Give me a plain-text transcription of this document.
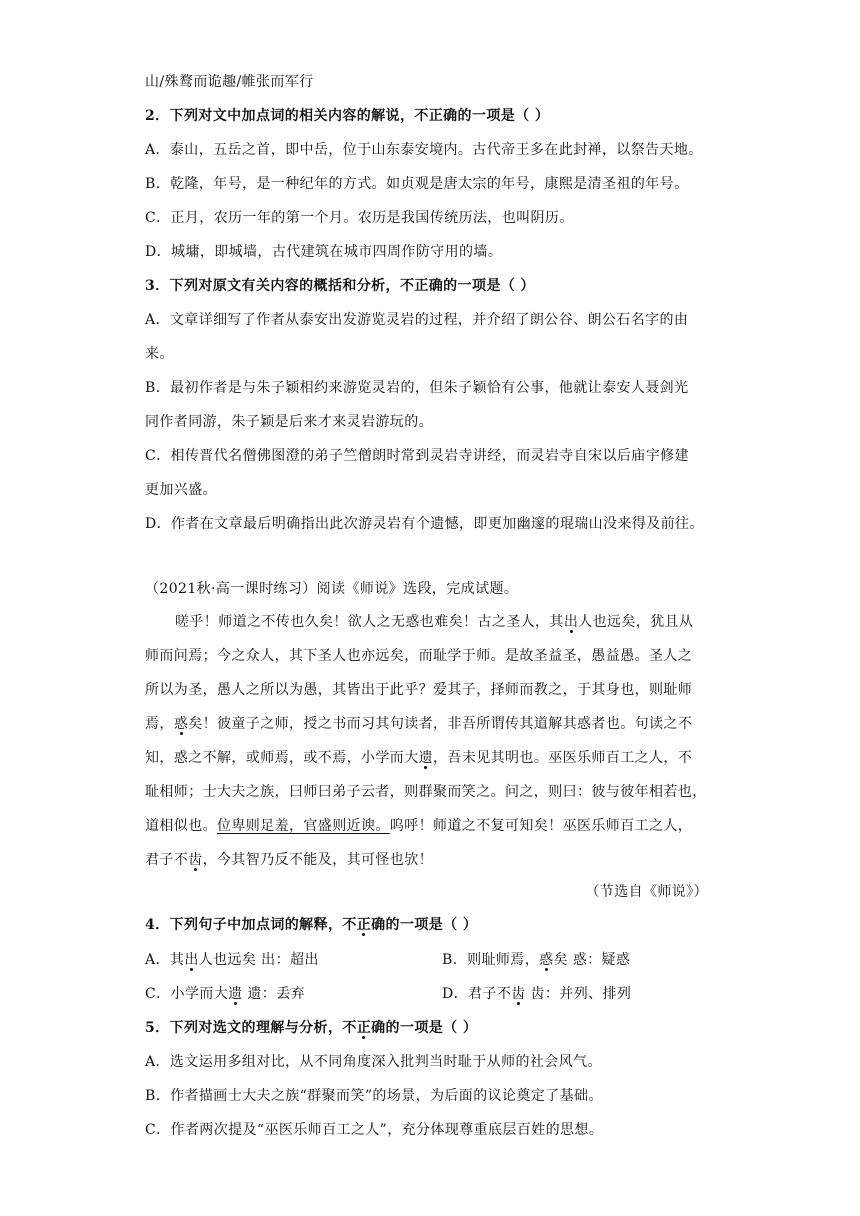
山/殊鹜而诡趣/帷张而军行
2．下列对文中加点词的相关内容的解说，不正确的一项是（ ）
A．泰山，五岳之首，即中岳，位于山东泰安境内。古代帝王多在此封禅，以祭告天地。
B．乾隆，年号，是一种纪年的方式。如贞观是唐太宗的年号，康熙是清圣祖的年号。
C．正月，农历一年的第一个月。农历是我国传统历法，也叫阴历。
D．城墉，即城墙，古代建筑在城市四周作防守用的墙。
3．下列对原文有关内容的概括和分析，不正确的一项是（ ）
A．文章详细写了作者从泰安出发游览灵岩的过程，并介绍了朗公谷、朗公石名字的由
来。
B．最初作者是与朱子颖相约来游览灵岩的，但朱子颖恰有公事，他就让泰安人聂剑光
同作者同游，朱子颖是后来才来灵岩游玩的。
C．相传晋代名僧佛图澄的弟子竺僧朗时常到灵岩寺讲经，而灵岩寺自宋以后庙宇修建
更加兴盛。
D．作者在文章最后明确指出此次游灵岩有个遗憾，即更加幽邃的琨瑞山没来得及前往。
（2021秋·高一课时练习）阅读《师说》选段，完成试题。
嗟乎！师道之不传也久矣！欲人之无惑也难矣！古之圣人，其出人也远矣，犹且从
师而问焉；今之众人，其下圣人也亦远矣，而耻学于师。是故圣益圣，愚益愚。圣人之
所以为圣，愚人之所以为愚，其皆出于此乎？爱其子，择师而教之，于其身也，则耻师
焉，惑矣！彼童子之师，授之书而习其句读者，非吾所谓传其道解其惑者也。句读之不
知，惑之不解，或师焉，或不焉，小学而大遗，吾未见其明也。巫医乐师百工之人，不
耻相师；士大夫之族，曰师曰弟子云者，则群聚而笑之。问之，则曰：彼与彼年相若也，
道相似也。位卑则足羞，官盛则近谀。呜呼！师道之不复可知矣！巫医乐师百工之人，
君子不齿，今其智乃反不能及，其可怪也欤！
（节选自《师说》）
4．下列句子中加点词的解释，不正确的一项是（ ）
A．其出人也远矣 出：超出	B．则耻师焉，惑矣 惑：疑惑
C．小学而大遗 遗：丢弃	D．君子不齿 齿：并列、排列
5．下列对选文的理解与分析，不正确的一项是（ ）
A．选文运用多组对比，从不同角度深入批判当时耻于从师的社会风气。
B．作者描画士大夫之族“群聚而笑”的场景，为后面的议论奠定了基础。
C．作者两次提及“巫医乐师百工之人”，充分体现尊重底层百姓的思想。
